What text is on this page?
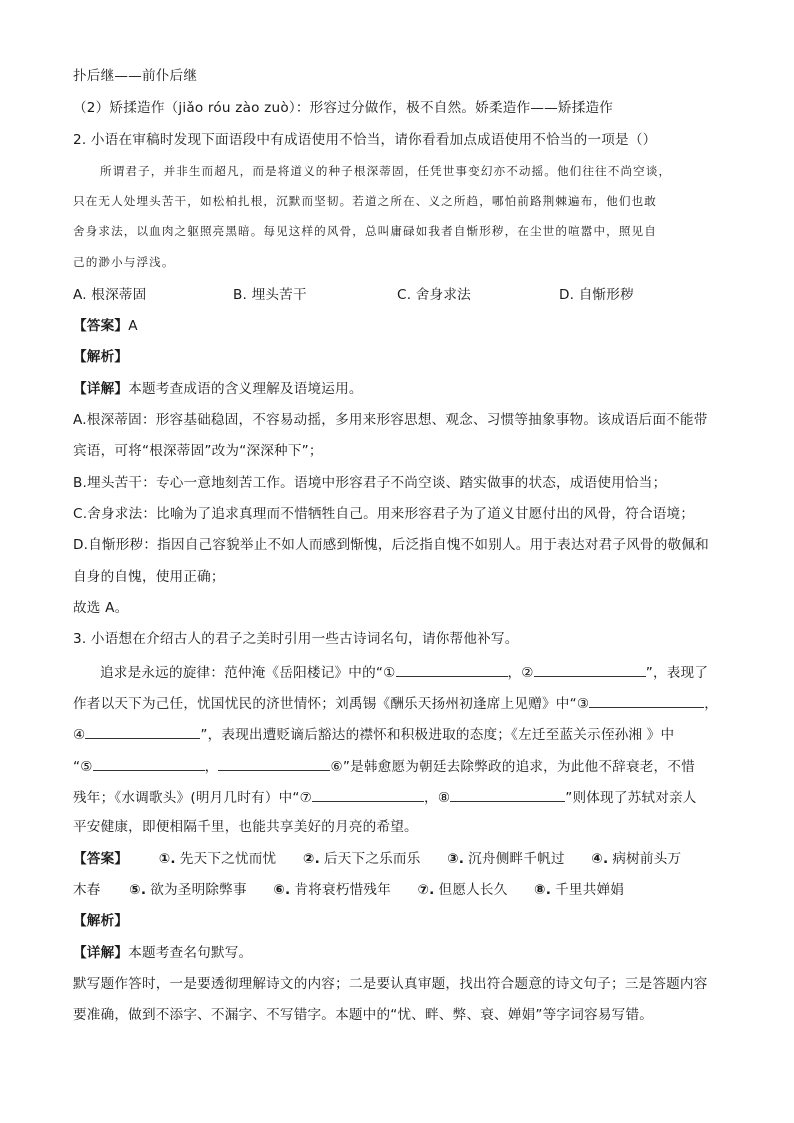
扑后继——前仆后继
（2）矫揉造作（jiǎo róu zào zuò）：形容过分做作，极不自然。娇柔造作——矫揉造作
2. 小语在审稿时发现下面语段中有成语使用不恰当，请你看看加点成语使用不恰当的一项是（）
所谓君子，并非生而超凡，而是将道义的种子根深蒂固，任凭世事变幻亦不动摇。他们往往不尚空谈，
只在无人处埋头苦干，如松柏扎根，沉默而坚韧。若道之所在、义之所趋，哪怕前路荆棘遍布，他们也敢
舍身求法，以血肉之躯照亮黑暗。每见这样的风骨，总叫庸碌如我者自惭形秽，在尘世的喧嚣中，照见自
己的渺小与浮浅。
A. 根深蒂固	B. 埋头苦干	C. 舍身求法	D. 自惭形秽
【答案】A
【解析】
【详解】本题考查成语的含义理解及语境运用。
A.根深蒂固：形容基础稳固，不容易动摇，多用来形容思想、观念、习惯等抽象事物。该成语后面不能带
宾语，可将“根深蒂固”改为“深深种下”；
B.埋头苦干：专心一意地刻苦工作。语境中形容君子不尚空谈、踏实做事的状态，成语使用恰当；
C.舍身求法：比喻为了追求真理而不惜牺牲自己。用来形容君子为了道义甘愿付出的风骨，符合语境；
D.自惭形秽：指因自己容貌举止不如人而感到惭愧，后泛指自愧不如别人。用于表达对君子风骨的敬佩和
自身的自愧，使用正确；
故选 A。
3. 小语想在介绍古人的君子之美时引用一些古诗词名句，请你帮他补写。
追求是永远的旋律：范仲淹《岳阳楼记》中的“①	，②	”，表现了
作者以天下为己任，忧国忧民的济世情怀；刘禹锡《酬乐天扬州初逢席上见赠》中“③	，
④	”，表现出遭贬谪后豁达的襟怀和积极进取的态度；《左迁至蓝关示侄孙湘 》中
“⑤	，	⑥”是韩愈愿为朝廷去除弊政的追求，为此他不辞衰老，不惜
残年；《水调歌头》(明月几时有）中“⑦	，⑧	”则体现了苏轼对亲人
平安健康，即便相隔千里，也能共享美好的月亮的希望。
【答案】 ①. 先天下之忧而忧 ②. 后天下之乐而乐 ③. 沉舟侧畔千帆过 ④. 病树前头万
木春 ⑤. 欲为圣明除弊事 ⑥. 肯将衰朽惜残年 ⑦. 但愿人长久 ⑧. 千里共婵娟
【解析】
【详解】本题考查名句默写。
默写题作答时，一是要透彻理解诗文的内容；二是要认真审题，找出符合题意的诗文句子；三是答题内容
要准确，做到不添字、不漏字、不写错字。本题中的“忧、畔、弊、衰、婵娟”等字词容易写错。
